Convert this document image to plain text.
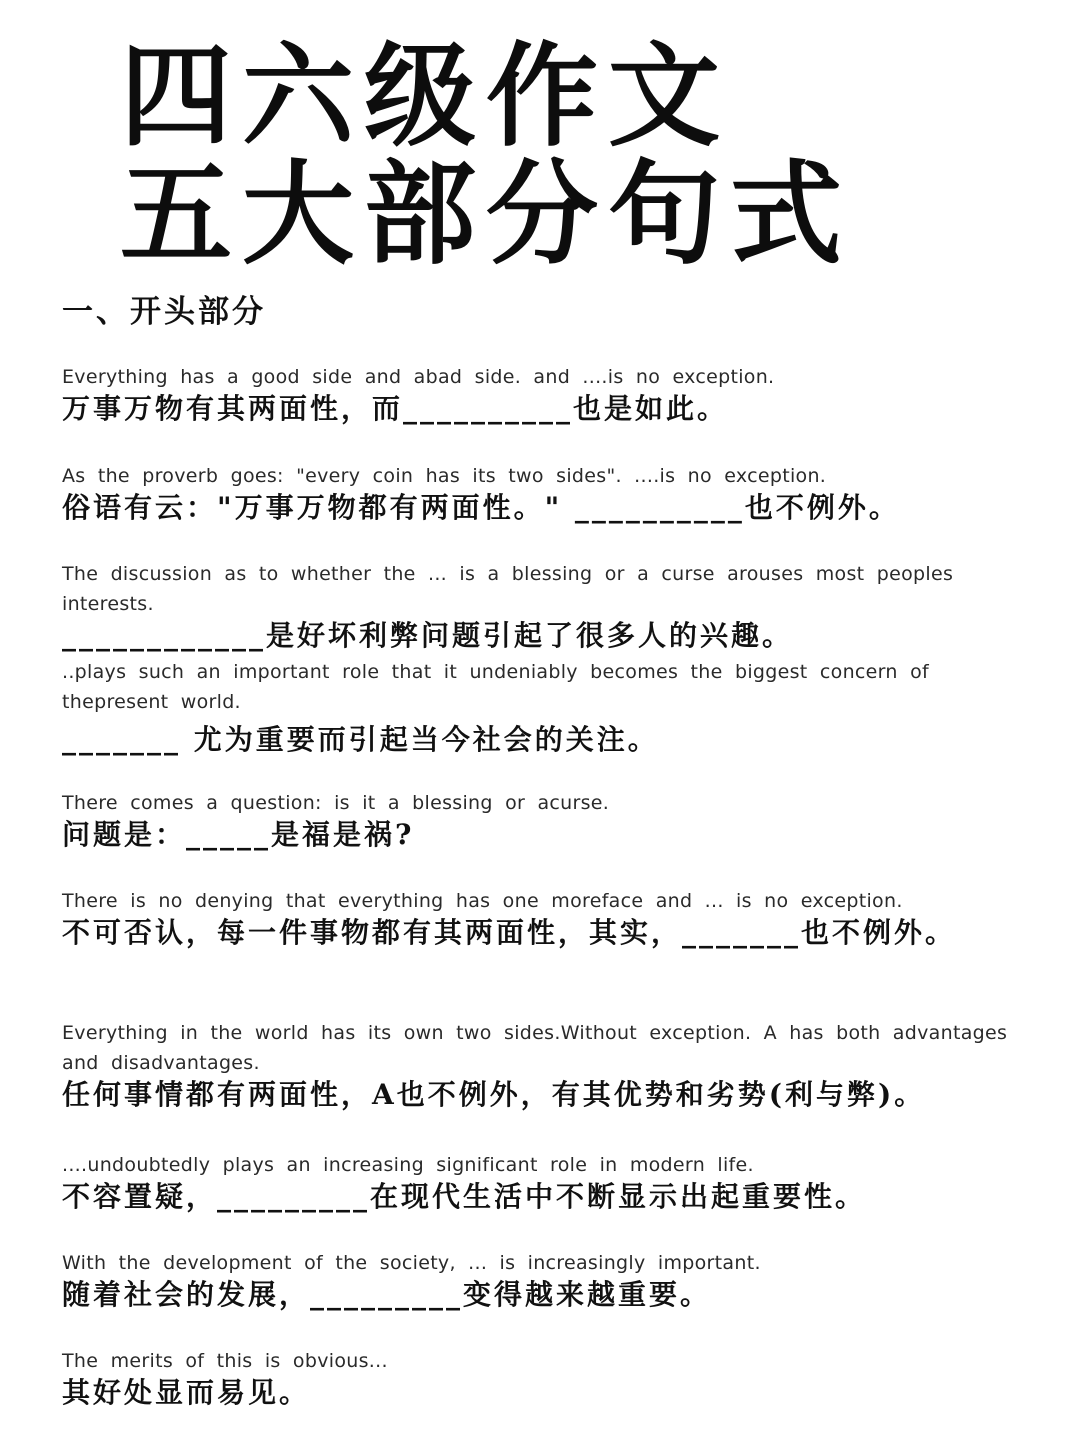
四六级作文
五大部分句式
一、开头部分
Everything has a good side and abad side. and ....is no exception.
万事万物有其两面性，而__________也是如此。
As the proverb goes: "every coin has its two sides". ....is no exception.
俗语有云："万事万物都有两面性。" __________也不例外。
The discussion as to whether the ... is a blessing or a curse arouses most peoples interests.
____________是好坏利弊问题引起了很多人的兴趣。
..plays such an important role that it undeniably becomes the biggest concern of thepresent world.
_______ 尤为重要而引起当今社会的关注。
There comes a question: is it a blessing or acurse.
问题是：_____是福是祸?
There is no denying that everything has one moreface and ... is no exception.
不可否认，每一件事物都有其两面性，其实，_______也不例外。
Everything in the world has its own two sides.Without exception. A has both advantages and disadvantages.
任何事情都有两面性，A也不例外，有其优势和劣势(利与弊)。
....undoubtedly plays an increasing significant role in modern life.
不容置疑，_________在现代生活中不断显示出起重要性。
With the development of the society, ... is increasingly important.
随着社会的发展，_________变得越来越重要。
The merits of this is obvious...
其好处显而易见。
